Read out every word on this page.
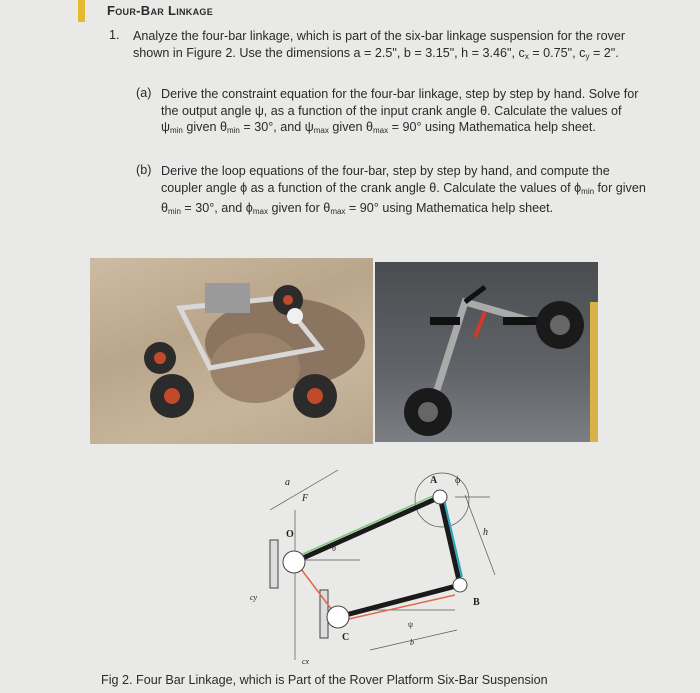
Four-Bar Linkage
1. Analyze the four-bar linkage, which is part of the six-bar linkage suspension for the rover shown in Figure 2. Use the dimensions a = 2.5", b = 3.15", h = 3.46", $c_x = 0.75$", $c_y = 2$".
(a) Derive the constraint equation for the four-bar linkage, step by step by hand. Solve for the output angle ψ, as a function of the input crank angle θ. Calculate the values of $\psi_{min}$ given $\theta_{min} = 30^\circ$, and $\psi_{max}$ given $\theta_{max} = 90^\circ$ using Mathematica help sheet.
(b) Derive the loop equations of the four-bar, step by step by hand, and compute the coupler angle ϕ as a function of the crank angle θ. Calculate the values of $\phi_{min}$ for given $\theta_{min} = 30^\circ$, and $\phi_{max}$ given for $\theta_{max} = 90^\circ$ using Mathematica help sheet.
a
F
A ϕ
h
O
θ
B
cy
C
ψ
b
cx
Fig 2. Four Bar Linkage, which is Part of the Rover Platform Six-Bar Suspension
